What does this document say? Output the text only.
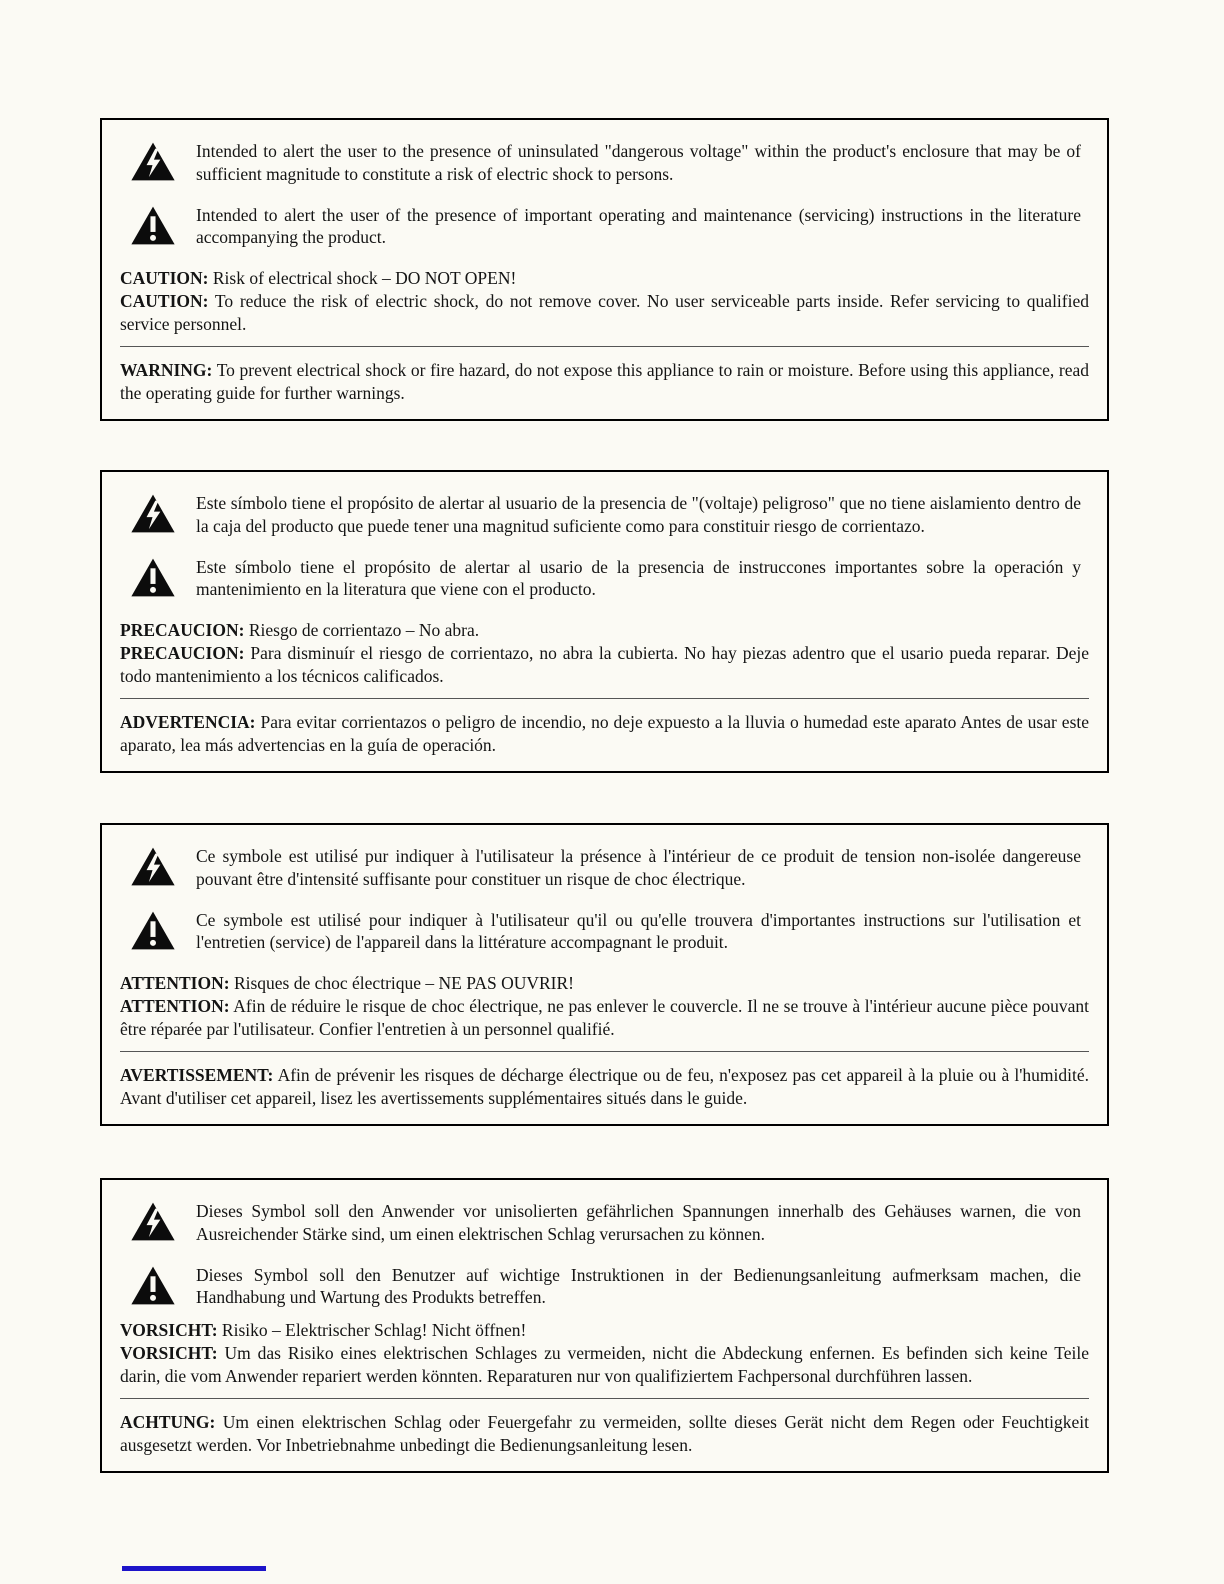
Intended to alert the user to the presence of uninsulated "dangerous voltage" within the product's enclosure that may be of sufficient magnitude to constitute a risk of electric shock to persons.

Intended to alert the user of the presence of important operating and maintenance (servicing) instructions in the literature accompanying the product.

CAUTION: Risk of electrical shock – DO NOT OPEN!

CAUTION: To reduce the risk of electric shock, do not remove cover. No user serviceable parts inside. Refer servicing to qualified service personnel.

WARNING: To prevent electrical shock or fire hazard, do not expose this appliance to rain or moisture. Before using this appliance, read the operating guide for further warnings.

Este símbolo tiene el propósito de alertar al usuario de la presencia de "(voltaje) peligroso" que no tiene aislamiento dentro de la caja del producto que puede tener una magnitud suficiente como para constituir riesgo de corrientazo.

Este símbolo tiene el propósito de alertar al usario de la presencia de instruccones importantes sobre la operación y mantenimiento en la literatura que viene con el producto.

PRECAUCION: Riesgo de corrientazo – No abra.

PRECAUCION: Para disminuír el riesgo de corrientazo, no abra la cubierta. No hay piezas adentro que el usario pueda reparar. Deje todo mantenimiento a los técnicos calificados.

ADVERTENCIA: Para evitar corrientazos o peligro de incendio, no deje expuesto a la lluvia o humedad este aparato Antes de usar este aparato, lea más advertencias en la guía de operación.

Ce symbole est utilisé pur indiquer à l'utilisateur la présence à l'intérieur de ce produit de tension non-isolée dangereuse pouvant être d'intensité suffisante pour constituer un risque de choc électrique.

Ce symbole est utilisé pour indiquer à l'utilisateur qu'il ou qu'elle trouvera d'importantes instructions sur l'utilisation et l'entretien (service) de l'appareil dans la littérature accompagnant le produit.

ATTENTION: Risques de choc électrique – NE PAS OUVRIR!

ATTENTION: Afin de réduire le risque de choc électrique, ne pas enlever le couvercle. Il ne se trouve à l'intérieur aucune pièce pouvant être réparée par l'utilisateur. Confier l'entretien à un personnel qualifié.

AVERTISSEMENT: Afin de prévenir les risques de décharge électrique ou de feu, n'exposez pas cet appareil à la pluie ou à l'humidité. Avant d'utiliser cet appareil, lisez les avertissements supplémentaires situés dans le guide.

Dieses Symbol soll den Anwender vor unisolierten gefährlichen Spannungen innerhalb des Gehäuses warnen, die von Ausreichender Stärke sind, um einen elektrischen Schlag verursachen zu können.

Dieses Symbol soll den Benutzer auf wichtige Instruktionen in der Bedienungsanleitung aufmerksam machen, die Handhabung und Wartung des Produkts betreffen.

VORSICHT: Risiko – Elektrischer Schlag! Nicht öffnen!

VORSICHT: Um das Risiko eines elektrischen Schlages zu vermeiden, nicht die Abdeckung enfernen. Es befinden sich keine Teile darin, die vom Anwender repariert werden könnten. Reparaturen nur von qualifiziertem Fachpersonal durchführen lassen.

ACHTUNG: Um einen elektrischen Schlag oder Feuergefahr zu vermeiden, sollte dieses Gerät nicht dem Regen oder Feuchtigkeit ausgesetzt werden. Vor Inbetriebnahme unbedingt die Bedienungsanleitung lesen.
